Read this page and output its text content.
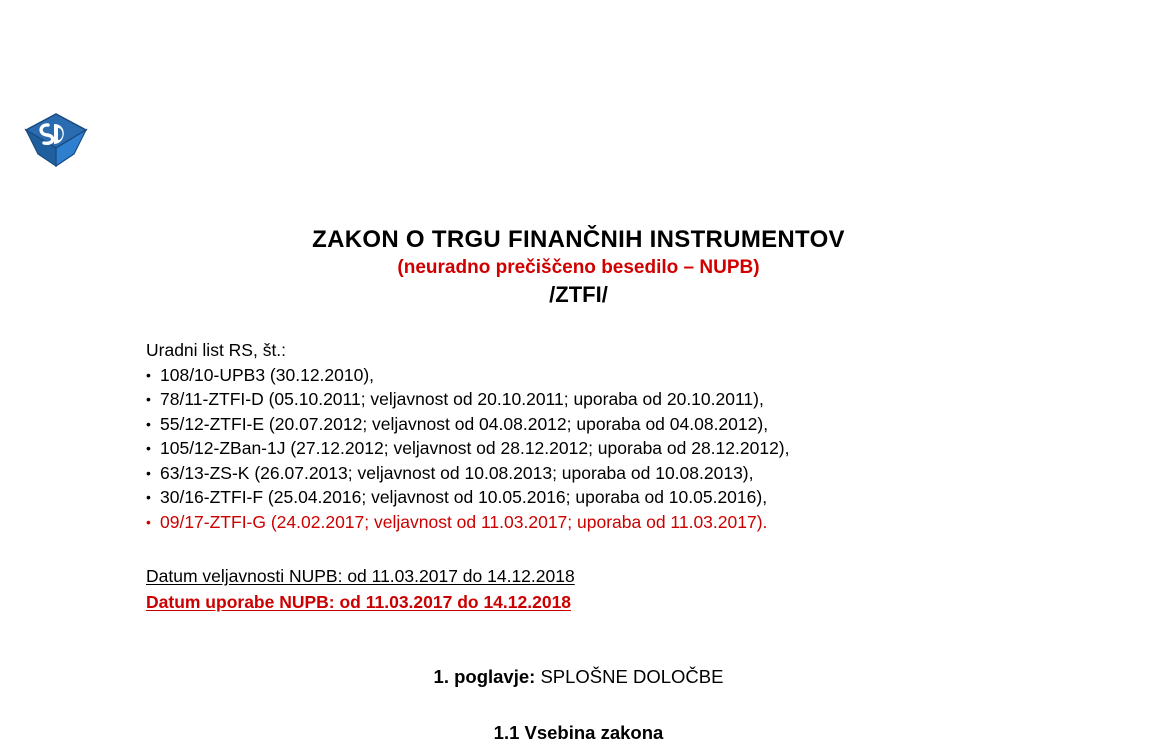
ZAKON O TRGU FINANČNIH INSTRUMENTOV
(neuradno prečiščeno besedilo – NUPB)
/ZTFI/
Uradni list RS, št.:
• 108/10-UPB3 (30.12.2010),
• 78/11-ZTFI-D (05.10.2011; veljavnost od 20.10.2011; uporaba od 20.10.2011),
• 55/12-ZTFI-E (20.07.2012; veljavnost od 04.08.2012; uporaba od 04.08.2012),
• 105/12-ZBan-1J (27.12.2012; veljavnost od 28.12.2012; uporaba od 28.12.2012),
• 63/13-ZS-K (26.07.2013; veljavnost od 10.08.2013; uporaba od 10.08.2013),
• 30/16-ZTFI-F (25.04.2016; veljavnost od 10.05.2016; uporaba od 10.05.2016),
• 09/17-ZTFI-G (24.02.2017; veljavnost od 11.03.2017; uporaba od 11.03.2017).
Datum veljavnosti NUPB: od 11.03.2017 do 14.12.2018
Datum uporabe NUPB: od 11.03.2017 do 14.12.2018
1. poglavje: SPLOŠNE DOLOČBE
1.1 Vsebina zakona
